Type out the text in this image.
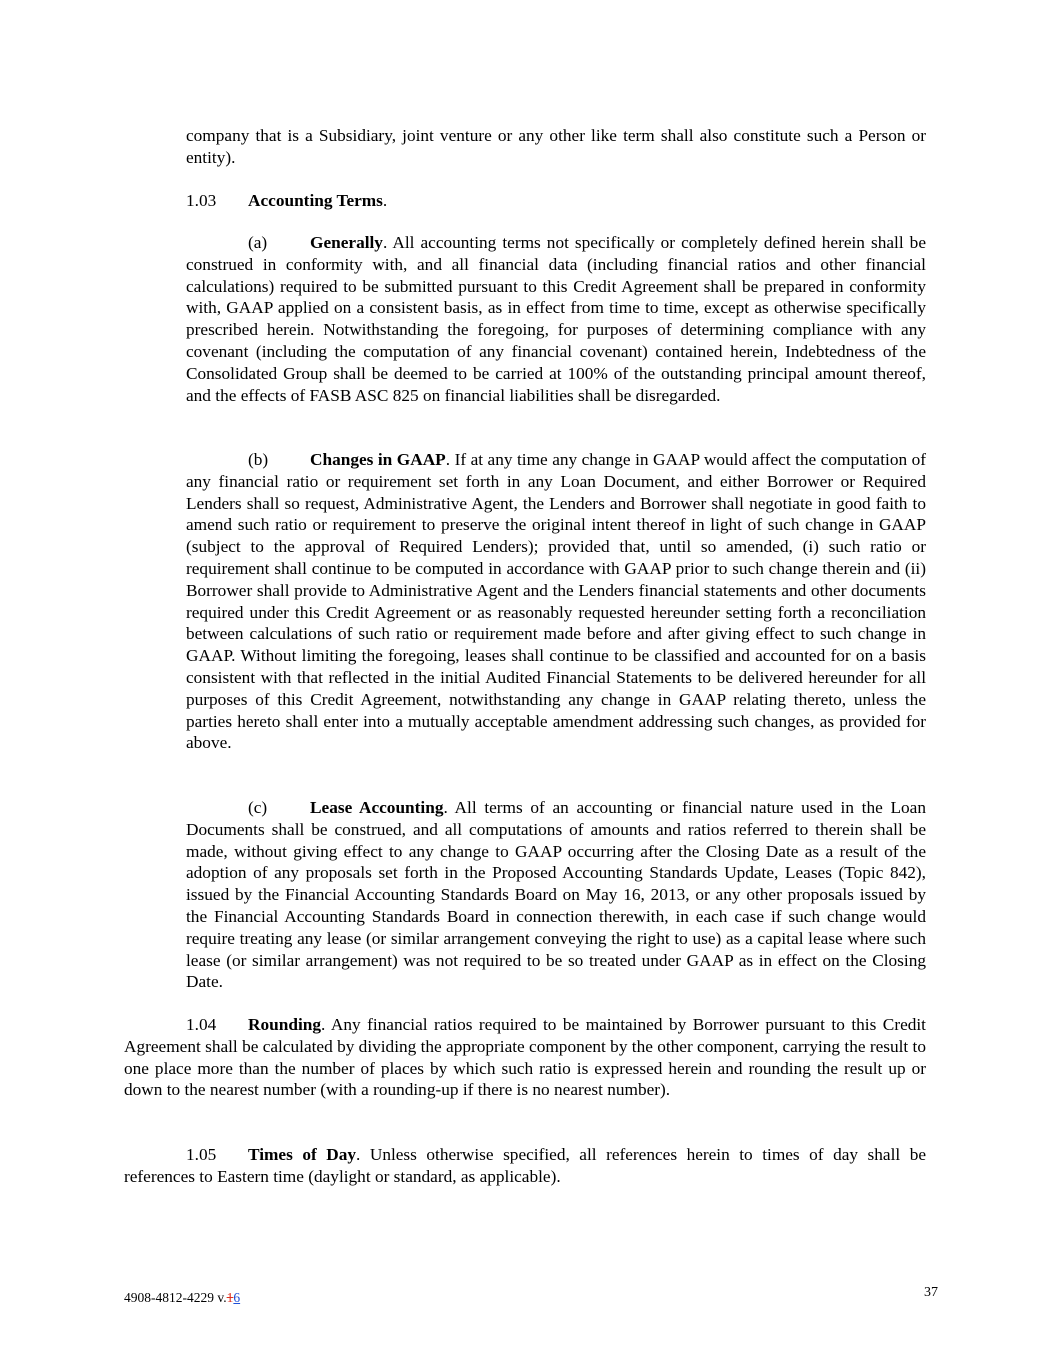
company that is a Subsidiary, joint venture or any other like term shall also constitute such a Person or entity).

1.03 Accounting Terms.

(a) Generally. All accounting terms not specifically or completely defined herein shall be construed in conformity with, and all financial data (including financial ratios and other financial calculations) required to be submitted pursuant to this Credit Agreement shall be prepared in conformity with, GAAP applied on a consistent basis, as in effect from time to time, except as otherwise specifically prescribed herein. Notwithstanding the foregoing, for purposes of determining compliance with any covenant (including the computation of any financial covenant) contained herein, Indebtedness of the Consolidated Group shall be deemed to be carried at 100% of the outstanding principal amount thereof, and the effects of FASB ASC 825 on financial liabilities shall be disregarded.

(b) Changes in GAAP. If at any time any change in GAAP would affect the computation of any financial ratio or requirement set forth in any Loan Document, and either Borrower or Required Lenders shall so request, Administrative Agent, the Lenders and Borrower shall negotiate in good faith to amend such ratio or requirement to preserve the original intent thereof in light of such change in GAAP (subject to the approval of Required Lenders); provided that, until so amended, (i) such ratio or requirement shall continue to be computed in accordance with GAAP prior to such change therein and (ii) Borrower shall provide to Administrative Agent and the Lenders financial statements and other documents required under this Credit Agreement or as reasonably requested hereunder setting forth a reconciliation between calculations of such ratio or requirement made before and after giving effect to such change in GAAP. Without limiting the foregoing, leases shall continue to be classified and accounted for on a basis consistent with that reflected in the initial Audited Financial Statements to be delivered hereunder for all purposes of this Credit Agreement, notwithstanding any change in GAAP relating thereto, unless the parties hereto shall enter into a mutually acceptable amendment addressing such changes, as provided for above.

(c) Lease Accounting. All terms of an accounting or financial nature used in the Loan Documents shall be construed, and all computations of amounts and ratios referred to therein shall be made, without giving effect to any change to GAAP occurring after the Closing Date as a result of the adoption of any proposals set forth in the Proposed Accounting Standards Update, Leases (Topic 842), issued by the Financial Accounting Standards Board on May 16, 2013, or any other proposals issued by the Financial Accounting Standards Board in connection therewith, in each case if such change would require treating any lease (or similar arrangement conveying the right to use) as a capital lease where such lease (or similar arrangement) was not required to be so treated under GAAP as in effect on the Closing Date.

1.04 Rounding. Any financial ratios required to be maintained by Borrower pursuant to this Credit Agreement shall be calculated by dividing the appropriate component by the other component, carrying the result to one place more than the number of places by which such ratio is expressed herein and rounding the result up or down to the nearest number (with a rounding-up if there is no nearest number).

1.05 Times of Day. Unless otherwise specified, all references herein to times of day shall be references to Eastern time (daylight or standard, as applicable).

4908-4812-4229 v.16	37
